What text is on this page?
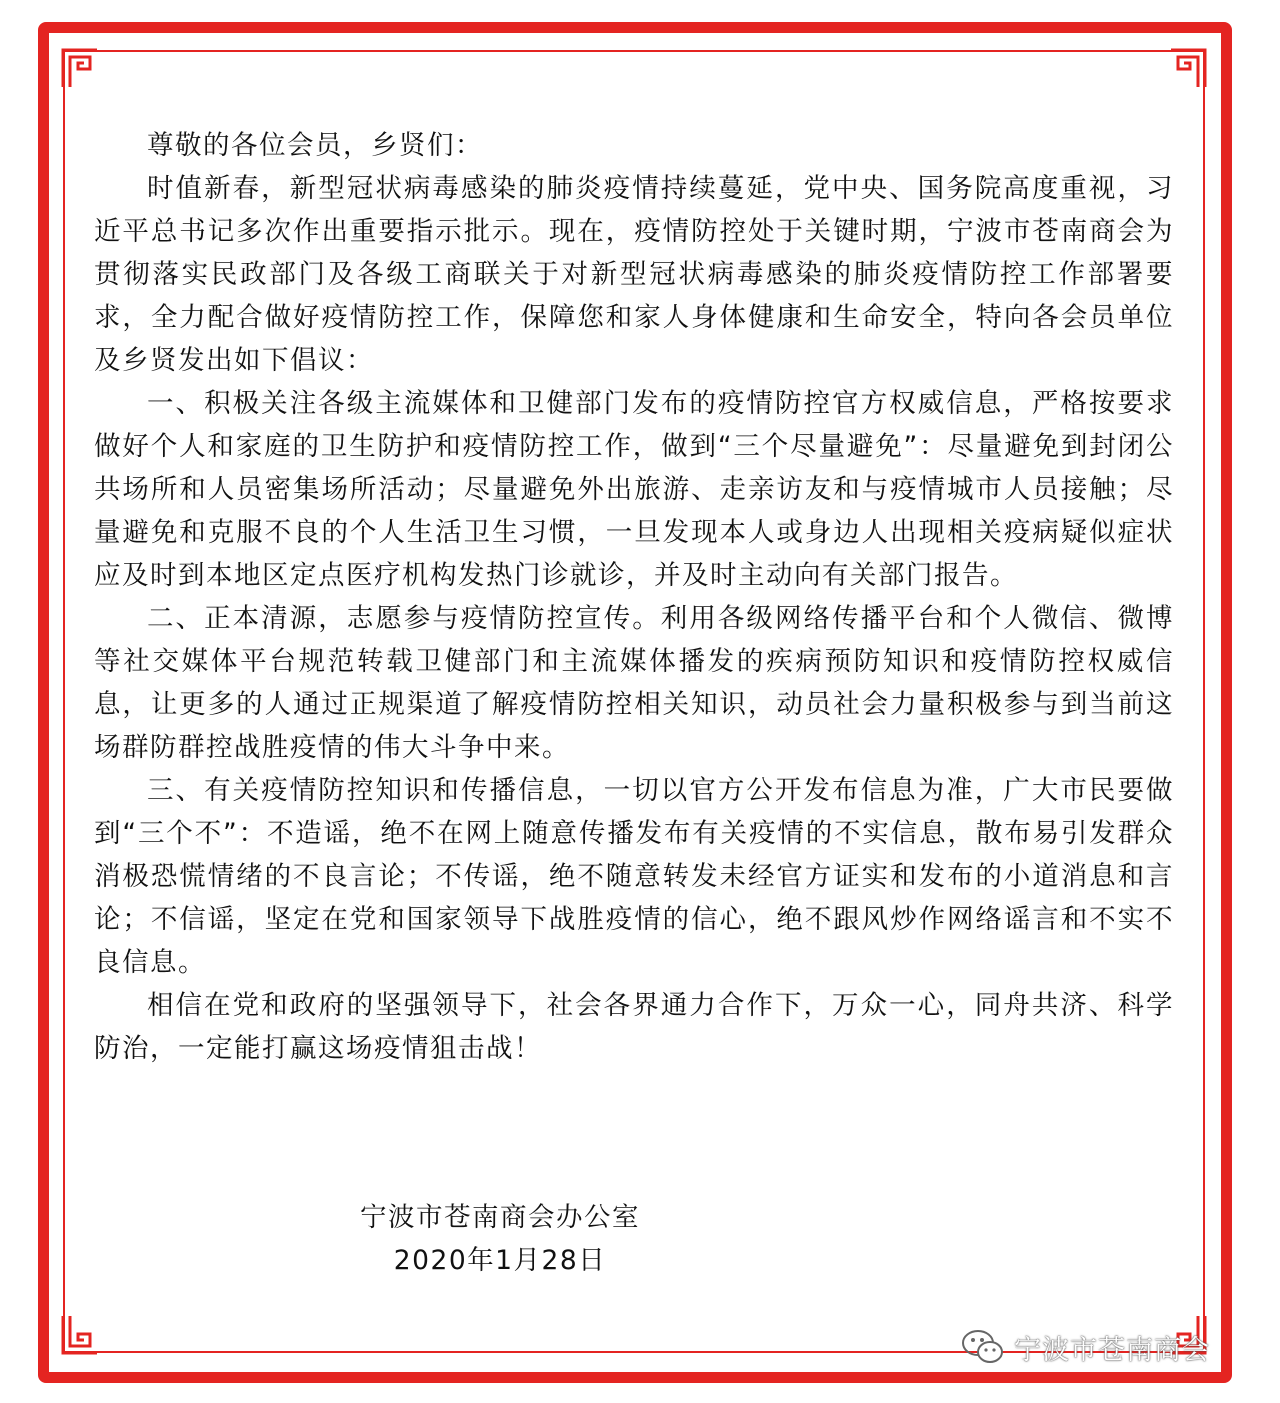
尊敬的各位会员，乡贤们：

时值新春，新型冠状病毒感染的肺炎疫情持续蔓延，党中央、国务院高度重视，习近平总书记多次作出重要指示批示。现在，疫情防控处于关键时期，宁波市苍南商会为贯彻落实民政部门及各级工商联关于对新型冠状病毒感染的肺炎疫情防控工作部署要求，全力配合做好疫情防控工作，保障您和家人身体健康和生命安全，特向各会员单位及乡贤发出如下倡议：

一、积极关注各级主流媒体和卫健部门发布的疫情防控官方权威信息，严格按要求做好个人和家庭的卫生防护和疫情防控工作，做到“三个尽量避免”：尽量避免到封闭公共场所和人员密集场所活动；尽量避免外出旅游、走亲访友和与疫情城市人员接触；尽量避免和克服不良的个人生活卫生习惯，一旦发现本人或身边人出现相关疫病疑似症状应及时到本地区定点医疗机构发热门诊就诊，并及时主动向有关部门报告。

二、正本清源，志愿参与疫情防控宣传。利用各级网络传播平台和个人微信、微博等社交媒体平台规范转载卫健部门和主流媒体播发的疾病预防知识和疫情防控权威信息，让更多的人通过正规渠道了解疫情防控相关知识，动员社会力量积极参与到当前这场群防群控战胜疫情的伟大斗争中来。

三、有关疫情防控知识和传播信息，一切以官方公开发布信息为准，广大市民要做到“三个不”：不造谣，绝不在网上随意传播发布有关疫情的不实信息，散布易引发群众消极恐慌情绪的不良言论；不传谣，绝不随意转发未经官方证实和发布的小道消息和言论；不信谣，坚定在党和国家领导下战胜疫情的信心，绝不跟风炒作网络谣言和不实不良信息。

相信在党和政府的坚强领导下，社会各界通力合作下，万众一心，同舟共济、科学防治，一定能打赢这场疫情狙击战！

宁波市苍南商会办公室
2020年1月28日
宁波市苍南商会
